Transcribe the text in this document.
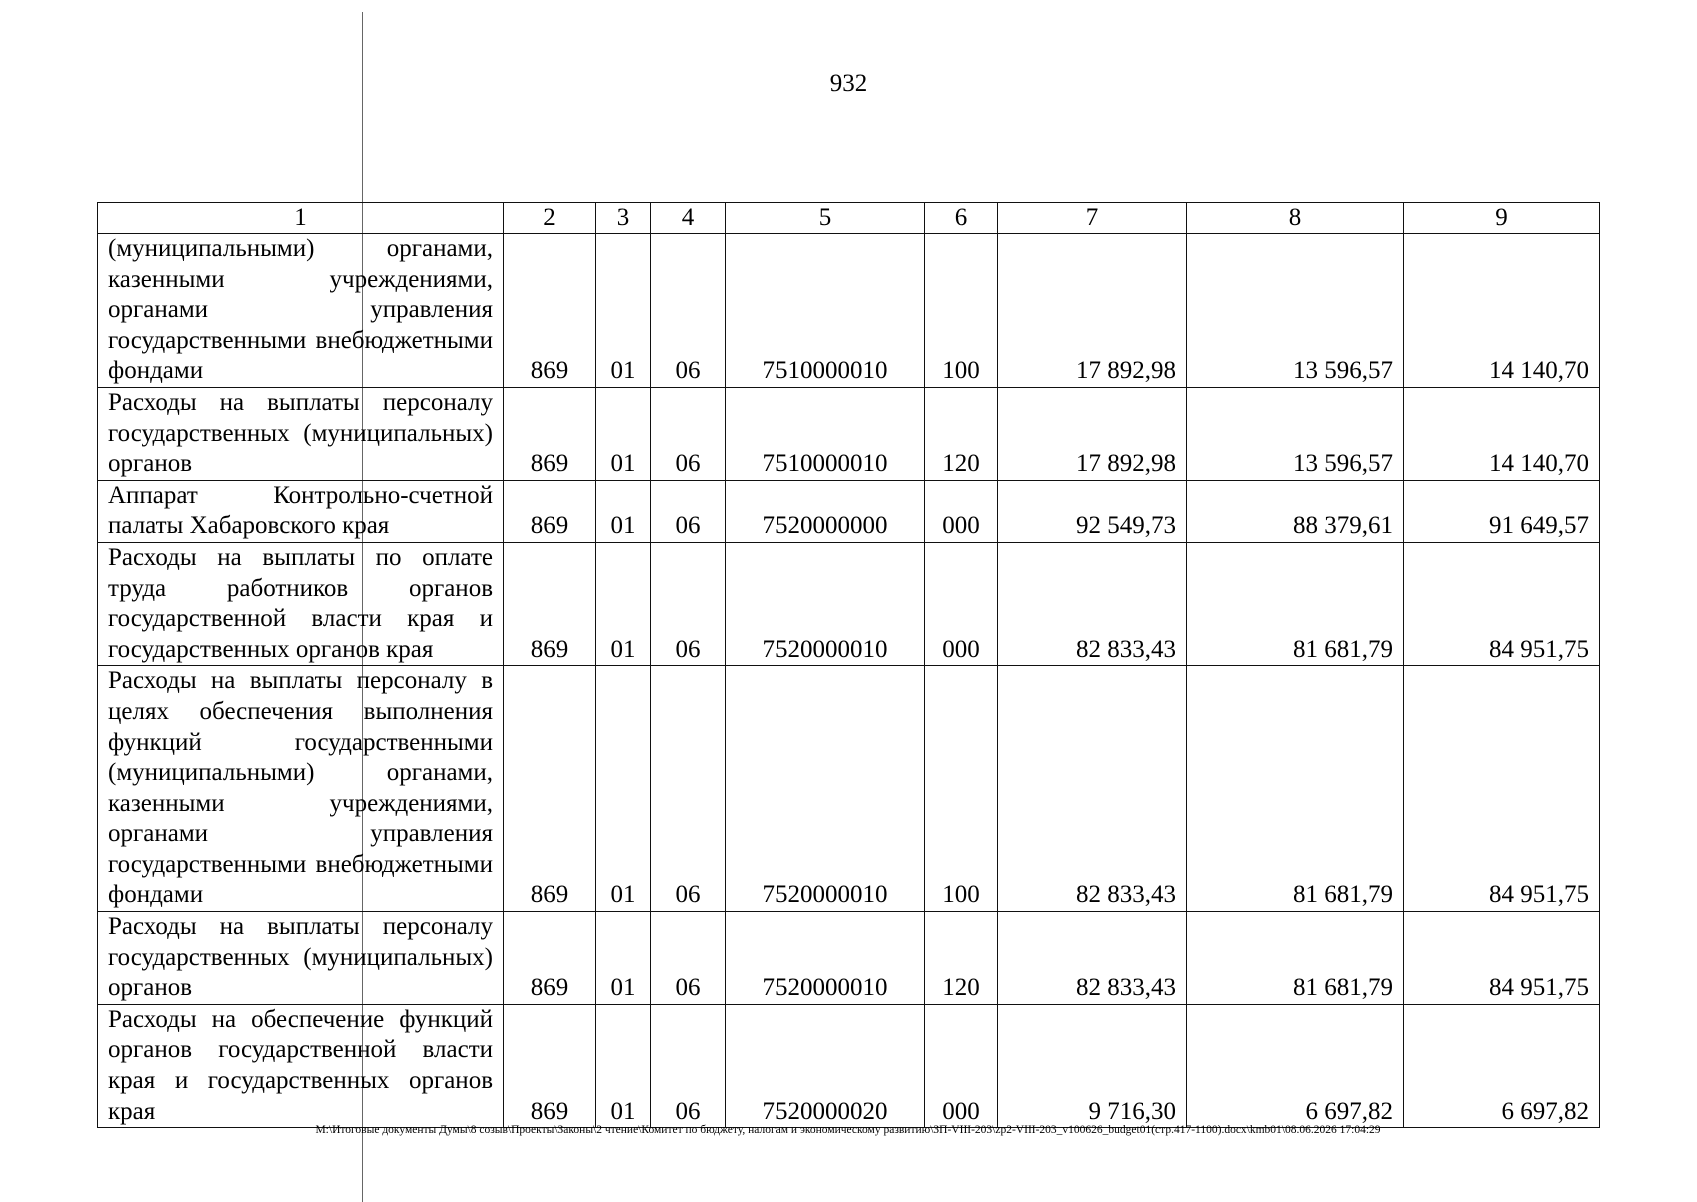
932
1	2	3	4	5	6	7	8	9
(муниципальными) органами, казенными учреждениями, органами управления государственными внебюджетными фондами	869	01	06	7510000010	100	17 892,98	13 596,57	14 140,70
Расходы на выплаты персоналу государственных (муниципальных) органов	869	01	06	7510000010	120	17 892,98	13 596,57	14 140,70
Аппарат Контрольно-счетной палаты Хабаровского края	869	01	06	7520000000	000	92 549,73	88 379,61	91 649,57
Расходы на выплаты по оплате труда работников органов государственной власти края и государственных органов края	869	01	06	7520000010	000	82 833,43	81 681,79	84 951,75
Расходы на выплаты персоналу в целях обеспечения выполнения функций государственными (муниципальными) органами, казенными учреждениями, органами управления государственными внебюджетными фондами	869	01	06	7520000010	100	82 833,43	81 681,79	84 951,75
Расходы на выплаты персоналу государственных (муниципальных) органов	869	01	06	7520000010	120	82 833,43	81 681,79	84 951,75
Расходы на обеспечение функций органов государственной власти края и государственных органов края	869	01	06	7520000020	000	9 716,30	6 697,82	6 697,82
M:\Итоговые документы Думы\8 созыв\Проекты\Законы\2 чтение\Комитет по бюджету, налогам и экономическому развитию\ЗП-VIII-203\zp2-VIII-203_v100626_budget01(стр.417-1100).docx\kmb01\08.06.2026 17:04:29
